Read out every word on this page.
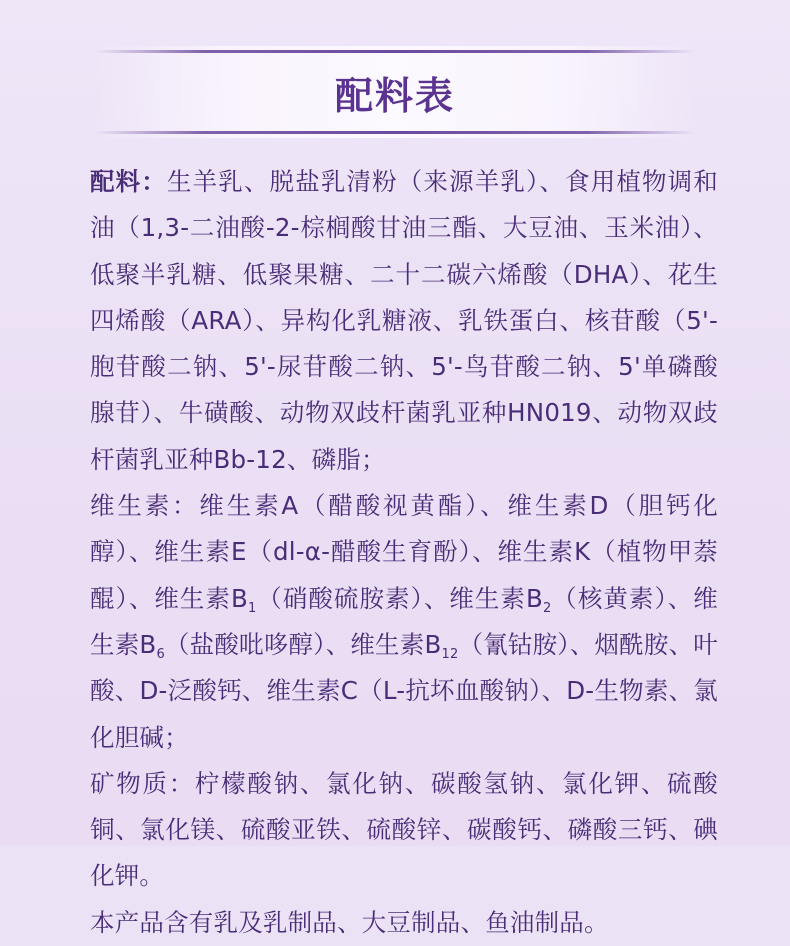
配料表

配料：生羊乳、脱盐乳清粉（来源羊乳）、食用植物调和油（1,3-二油酸-2-棕榈酸甘油三酯、大豆油、玉米油）、低聚半乳糖、低聚果糖、二十二碳六烯酸（DHA）、花生四烯酸（ARA）、异构化乳糖液、乳铁蛋白、核苷酸（5'-胞苷酸二钠、5'-尿苷酸二钠、5'-鸟苷酸二钠、5'单磷酸腺苷）、牛磺酸、动物双歧杆菌乳亚种HN019、动物双歧杆菌乳亚种Bb-12、磷脂；

维生素：维生素A（醋酸视黄酯）、维生素D（胆钙化醇）、维生素E（dl-α-醋酸生育酚）、维生素K（植物甲萘醌）、维生素$B_1$（硝酸硫胺素）、维生素$B_2$（核黄素）、维生素$B_6$（盐酸吡哆醇）、维生素$B_{12}$（氰钴胺）、烟酰胺、叶酸、D-泛酸钙、维生素C（L-抗坏血酸钠）、D-生物素、氯化胆碱；

矿物质：柠檬酸钠、氯化钠、碳酸氢钠、氯化钾、硫酸铜、氯化镁、硫酸亚铁、硫酸锌、碳酸钙、磷酸三钙、碘化钾。

本产品含有乳及乳制品、大豆制品、鱼油制品。
